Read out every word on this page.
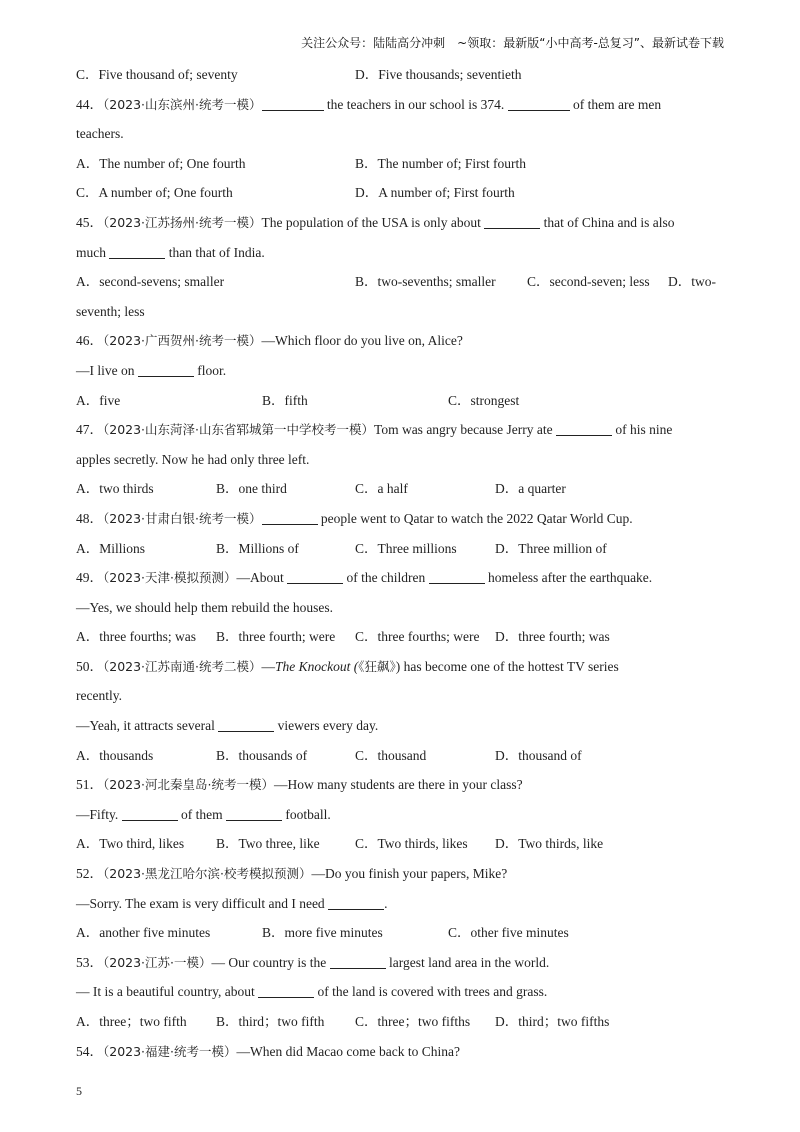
关注公众号：陆陆高分冲刺　~领取：最新版“小中高考-总复习”、最新试卷下载
C．Five thousand of; seventy	D．Five thousands; seventieth
44．（2023·山东滨州·统考一模）	the teachers in our school is 374.	of them are men
teachers.
A．The number of; One fourth	B．The number of; First fourth
C．A number of; One fourth	D．A number of; First fourth
45．（2023·江苏扬州·统考一模）The population of the USA is only about	that of China and is also
much	than that of India.
A．second-sevens; smaller	B．two-sevenths; smaller C．second-seven; less D．two-
seventh; less
46．（2023·广西贺州·统考一模）—Which floor do you live on, Alice?
—I live on	floor.
A．five	B．fifth	C．strongest
47．（2023·山东菏泽·山东省郓城第一中学校考一模）Tom was angry because Jerry ate	of his nine
apples secretly. Now he had only three left.
A．two thirds	B．one third	C．a half	D．a quarter
48．（2023·甘肃白银·统考一模）	people went to Qatar to watch the 2022 Qatar World Cup.
A．Millions	B．Millions of	C．Three millions	D．Three million of
49．（2023·天津·模拟预测）—About	of the children	homeless after the earthquake.
—Yes, we should help them rebuild the houses.
A．three fourths; was B．three fourth; were C．three fourths; were D．three fourth; was
50．（2023·江苏南通·统考二模）—The Knockout (《狂飙》) has become one of the hottest TV series
recently.
—Yeah, it attracts several	viewers every day.
A．thousands	B．thousands of	C．thousand	D．thousand of
51．（2023·河北秦皇岛·统考一模）—How many students are there in your class?
—Fifty.	of them	football.
A．Two third, likes B．Two three, like	C．Two thirds, likes D．Two thirds, like
52．（2023·黑龙江哈尔滨·校考模拟预测）—Do you finish your papers, Mike?
—Sorry. The exam is very difficult and I need	.
A．another five minutes	B．more five minutes	C．other five minutes
53．（2023·江苏·一模）— Our country is the	largest land area in the world.
— It is a beautiful country, about	of the land is covered with trees and grass.
A．three；two fifth B．third；two fifth C．three；two fifths D．third；two fifths
54．（2023·福建·统考一模）—When did Macao come back to China?
5
